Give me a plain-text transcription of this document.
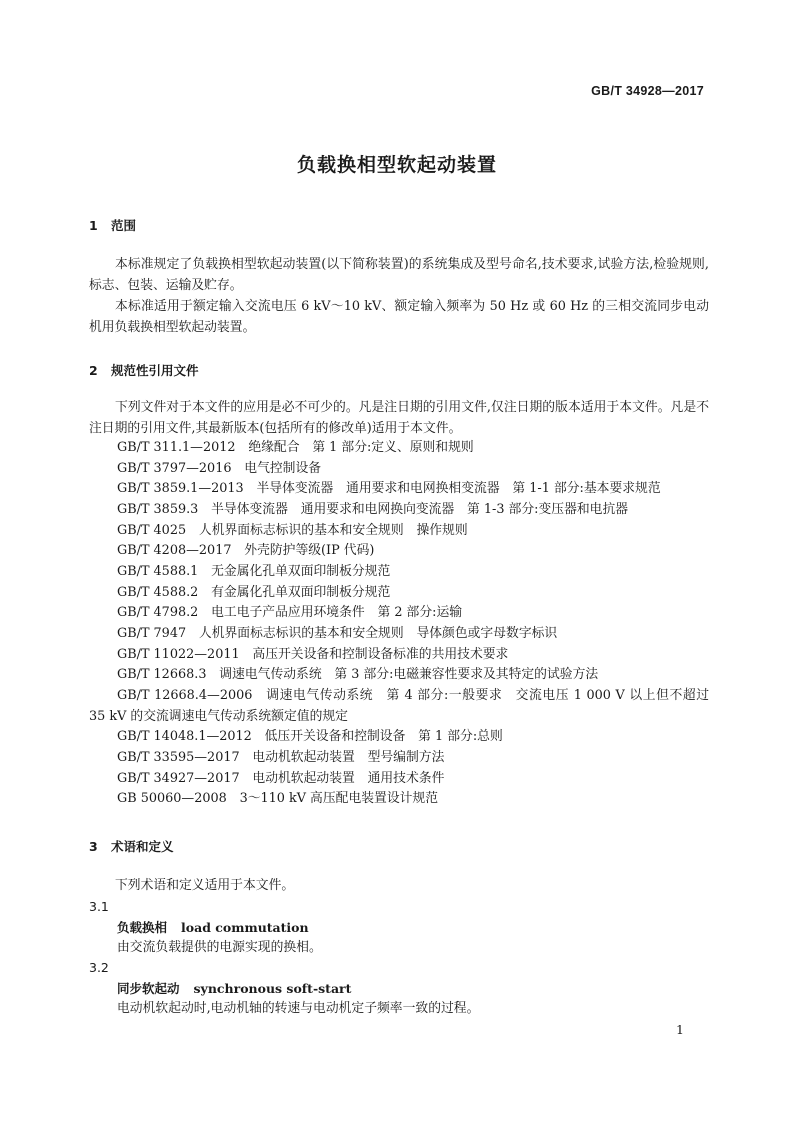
GB/T 34928—2017
负载换相型软起动装置
1 范围

本标准规定了负载换相型软起动装置(以下简称装置)的系统集成及型号命名,技术要求,试验方法,检验规则,标志、包装、运输及贮存。

本标准适用于额定输入交流电压 6 kV～10 kV、额定输入频率为 50 Hz 或 60 Hz 的三相交流同步电动机用负载换相型软起动装置。

2 规范性引用文件

下列文件对于本文件的应用是必不可少的。凡是注日期的引用文件,仅注日期的版本适用于本文件。凡是不注日期的引用文件,其最新版本(包括所有的修改单)适用于本文件。

GB/T 311.1—2012　绝缘配合　第 1 部分:定义、原则和规则
GB/T 3797—2016　电气控制设备
GB/T 3859.1—2013　半导体变流器　通用要求和电网换相变流器　第 1-1 部分:基本要求规范
GB/T 3859.3　半导体变流器　通用要求和电网换向变流器　第 1-3 部分:变压器和电抗器
GB/T 4025　人机界面标志标识的基本和安全规则　操作规则
GB/T 4208—2017　外壳防护等级(IP 代码)
GB/T 4588.1　无金属化孔单双面印制板分规范
GB/T 4588.2　有金属化孔单双面印制板分规范
GB/T 4798.2　电工电子产品应用环境条件　第 2 部分:运输
GB/T 7947　人机界面标志标识的基本和安全规则　导体颜色或字母数字标识
GB/T 11022—2011　高压开关设备和控制设备标准的共用技术要求
GB/T 12668.3　调速电气传动系统　第 3 部分:电磁兼容性要求及其特定的试验方法
GB/T 12668.4—2006　调速电气传动系统　第 4 部分:一般要求　交流电压 1 000 V 以上但不超过 35 kV 的交流调速电气传动系统额定值的规定
GB/T 14048.1—2012　低压开关设备和控制设备　第 1 部分:总则
GB/T 33595—2017　电动机软起动装置　型号编制方法
GB/T 34927—2017　电动机软起动装置　通用技术条件
GB 50060—2008　3～110 kV 高压配电装置设计规范
3 术语和定义

下列术语和定义适用于本文件。

3.1
负载换相 load commutation
由交流负载提供的电源实现的换相。
3.2
同步软起动 synchronous soft-start
电动机软起动时,电动机轴的转速与电动机定子频率一致的过程。
1
